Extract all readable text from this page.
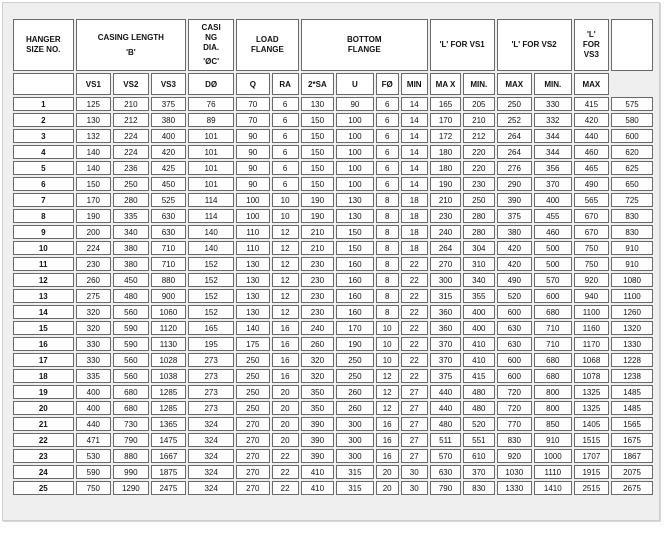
HANGER
SIZE NO.	CASING LENGTH
'B'			CASI
NG
DIA.
'ØC'	LOAD
FLANGE		BOTTOM
FLANGE				'L' FOR VS1		'L' FOR VS2		'L'
FOR
VS3	

	VS1	VS2	VS3	DØ	Q	RA	2*SA	U	FØ	MIN	MA X	MIN.	MAX	MIN.	MAX	
1	125	210	375	76	70	6	130	90	6	14	165	205	250	330	415	575
2	130	212	380	89	70	6	150	100	6	14	170	210	252	332	420	580
3	132	224	400	101	90	6	150	100	6	14	172	212	264	344	440	600
4	140	224	420	101	90	6	150	100	6	14	180	220	264	344	460	620
5	140	236	425	101	90	6	150	100	6	14	180	220	276	356	465	625
6	150	250	450	101	90	6	150	100	6	14	190	230	290	370	490	650
7	170	280	525	114	100	10	190	130	8	18	210	250	390	400	565	725
8	190	335	630	114	100	10	190	130	8	18	230	280	375	455	670	830
9	200	340	630	140	110	12	210	150	8	18	240	280	380	460	670	830
10	224	380	710	140	110	12	210	150	8	18	264	304	420	500	750	910
11	230	380	710	152	130	12	230	160	8	22	270	310	420	500	750	910
12	260	450	880	152	130	12	230	160	8	22	300	340	490	570	920	1080
13	275	480	900	152	130	12	230	160	8	22	315	355	520	600	940	1100
14	320	560	1060	152	130	12	230	160	8	22	360	400	600	680	1100	1260
15	320	590	1120	165	140	16	240	170	10	22	360	400	630	710	1160	1320
16	330	590	1130	195	175	16	260	190	10	22	370	410	630	710	1170	1330
17	330	560	1028	273	250	16	320	250	10	22	370	410	600	680	1068	1228
18	335	560	1038	273	250	16	320	250	12	22	375	415	600	680	1078	1238
19	400	680	1285	273	250	20	350	260	12	27	440	480	720	800	1325	1485
20	400	680	1285	273	250	20	350	260	12	27	440	480	720	800	1325	1485
21	440	730	1365	324	270	20	390	300	16	27	480	520	770	850	1405	1565
22	471	790	1475	324	270	20	390	300	16	27	511	551	830	910	1515	1675
23	530	880	1667	324	270	22	390	300	16	27	570	610	920	1000	1707	1867
24	590	990	1875	324	270	22	410	315	20	30	630	370	1030	1110	1915	2075
25	750	1290	2475	324	270	22	410	315	20	30	790	830	1330	1410	2515	2675
